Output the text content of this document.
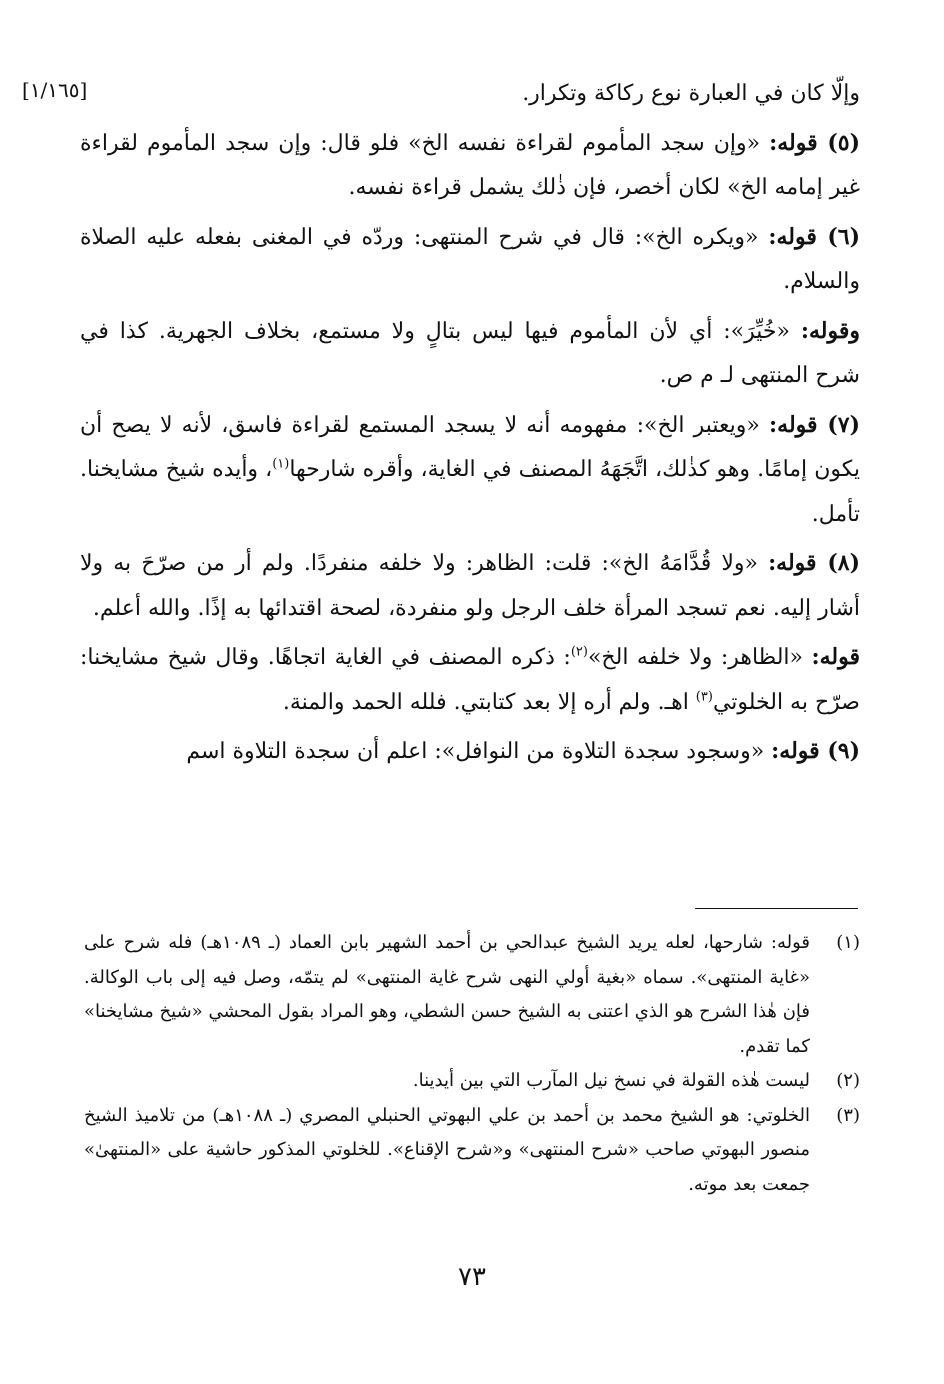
[١/١٦٥]	وإلّا كان في العبارة نوع ركاكة وتكرار.

(٥) قوله: «وإن سجد المأموم لقراءة نفسه الخ» فلو قال: وإن سجد المأموم لقراءة غير إمامه الخ» لكان أخصر، فإن ذٰلك يشمل قراءة نفسه.

(٦) قوله: «ويكره الخ»: قال في شرح المنتهى: وردّه في المغنى بفعله عليه الصلاة والسلام.

وقوله: «خُيِّرَ»: أي لأن المأموم فيها ليس بتالٍ ولا مستمع، بخلاف الجهرية. كذا في شرح المنتهى لـ م ص.

(٧) قوله: «ويعتبر الخ»: مفهومه أنه لا يسجد المستمع لقراءة فاسق، لأنه لا يصح أن يكون إمامًا. وهو كذٰلك، اتَّجَهَهُ المصنف في الغاية، وأقره شارحها$^{(١)}$، وأيده شيخ مشايخنا. تأمل.

(٨) قوله: «ولا قُدَّامَهُ الخ»: قلت: الظاهر: ولا خلفه منفردًا. ولم أر من صرّحَ به ولا أشار إليه. نعم تسجد المرأة خلف الرجل ولو منفردة، لصحة اقتدائها به إذًا. والله أعلم.

قوله: «الظاهر: ولا خلفه الخ»$^{(٢)}$: ذكره المصنف في الغاية اتجاهًا. وقال شيخ مشايخنا: صرّح به الخلوتي$^{(٣)}$ اهـ. ولم أره إلا بعد كتابتي. فلله الحمد والمنة.

(٩) قوله: «وسجود سجدة التلاوة من النوافل»: اعلم أن سجدة التلاوة اسم

(١)
قوله: شارحها، لعله يريد الشيخ عبدالحي بن أحمد الشهير بابن العماد (ـ ١٠٨٩هـ) فله شرح على «غاية المنتهى». سماه «بغية أولي النهى شرح غاية المنتهى» لم يتمّه، وصل فيه إلى باب الوكالة. فإن هٰذا الشرح هو الذي اعتنى به الشيخ حسن الشطي، وهو المراد بقول المحشي «شيخ مشايخنا» كما تقدم.
(٢)
ليست هٰذه القولة في نسخ نيل المآرب التي بين أيدينا.
(٣)
الخلوتي: هو الشيخ محمد بن أحمد بن علي البهوتي الحنبلي المصري (ـ ١٠٨٨هـ) من تلاميذ الشيخ منصور البهوتي صاحب «شرح المنتهى» و«شرح الإقناع». للخلوتي المذكور حاشية على «المنتهىٰ» جمعت بعد موته.
٧٣
